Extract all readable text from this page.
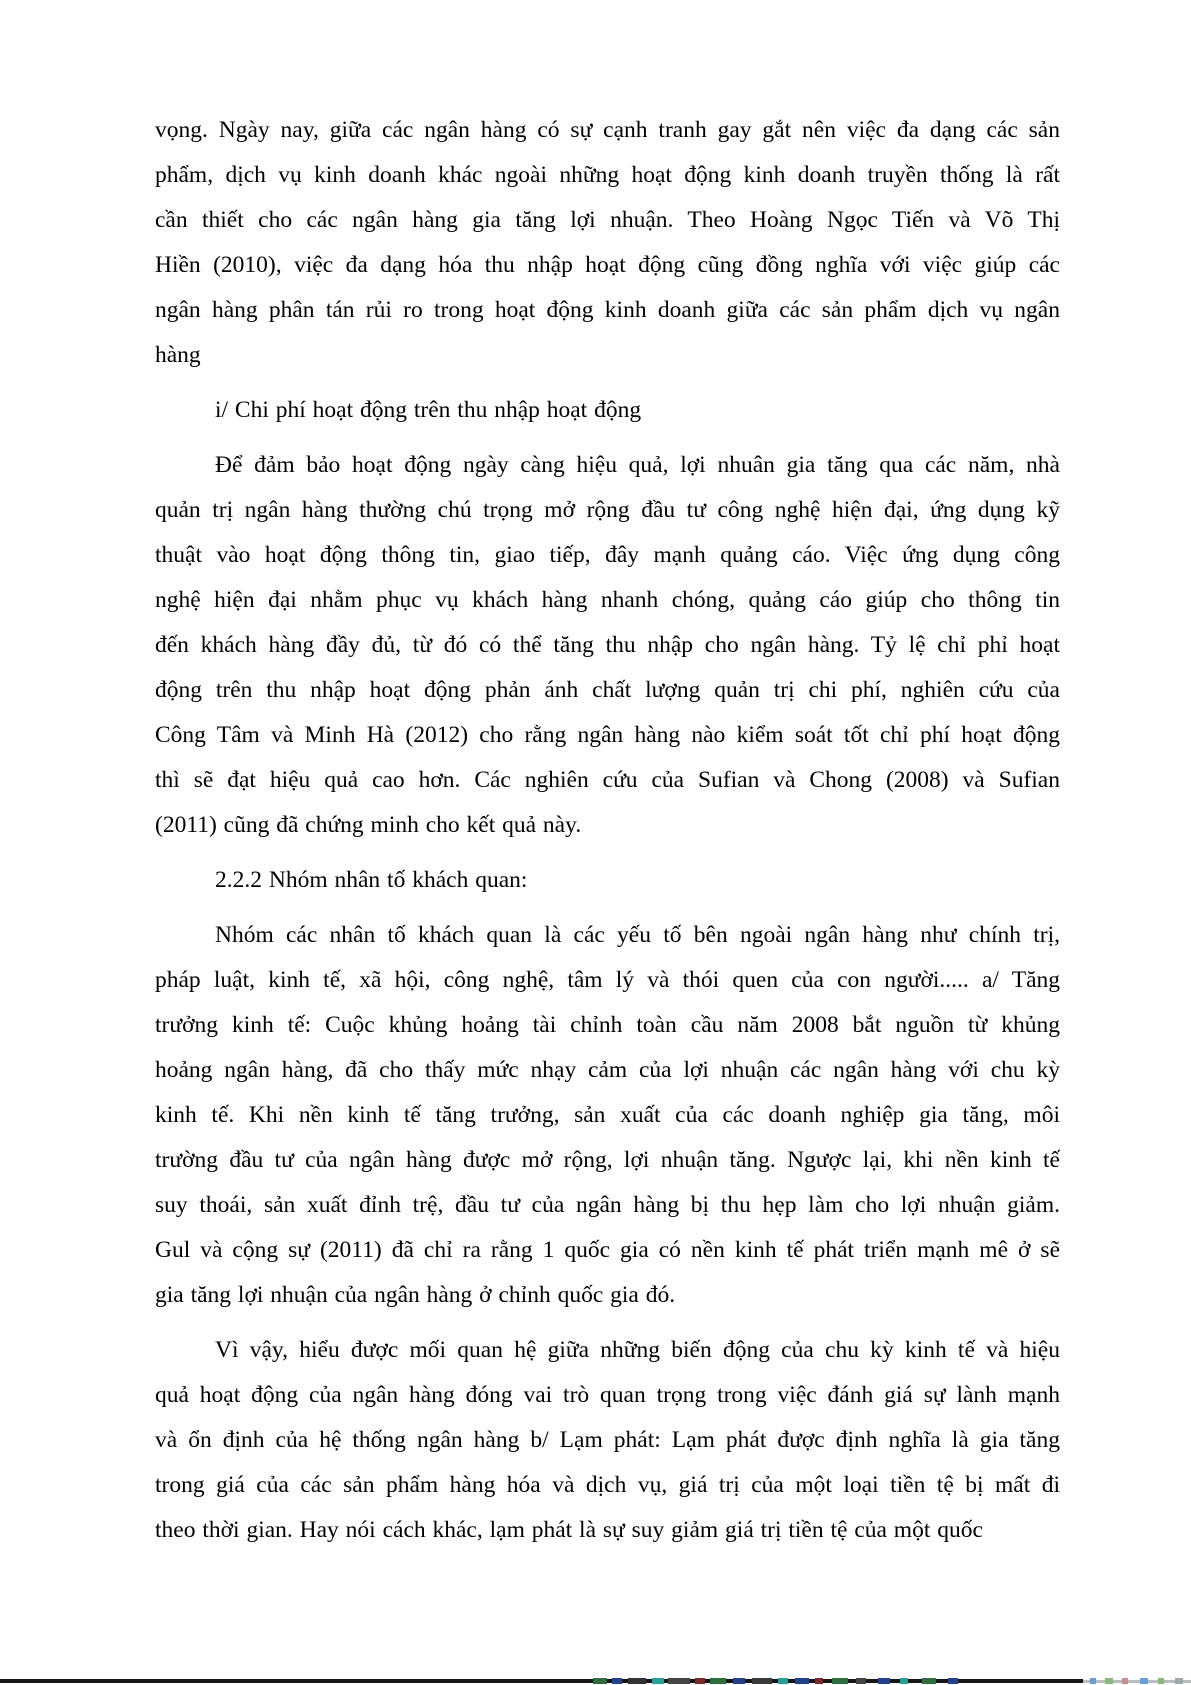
vọng. Ngày nay, giữa các ngân hàng có sự cạnh tranh gay gắt nên việc đa dạng các sản
phẩm, dịch vụ kinh doanh khác ngoài những hoạt động kinh doanh truyền thống là rất
cần thiết cho các ngân hàng gia tăng lợi nhuận. Theo Hoàng Ngọc Tiến và Võ Thị
Hiền (2010), việc đa dạng hóa thu nhập hoạt động cũng đồng nghĩa với việc giúp các
ngân hàng phân tán rủi ro trong hoạt động kinh doanh giữa các sản phẩm dịch vụ ngân
hàng
i/ Chi phí hoạt động trên thu nhập hoạt động
Để đảm bảo hoạt động ngày càng hiệu quả, lợi nhuân gia tăng qua các năm, nhà
quản trị ngân hàng thường chú trọng mở rộng đầu tư công nghệ hiện đại, ứng dụng kỹ
thuật vào hoạt động thông tin, giao tiếp, đây mạnh quảng cáo. Việc ứng dụng công
nghệ hiện đại nhằm phục vụ khách hàng nhanh chóng, quảng cáo giúp cho thông tin
đến khách hàng đầy đủ, từ đó có thể tăng thu nhập cho ngân hàng. Tỷ lệ chỉ phỉ hoạt
động trên thu nhập hoạt động phản ánh chất lượng quản trị chi phí, nghiên cứu của
Công Tâm và Minh Hà (2012) cho rằng ngân hàng nào kiểm soát tốt chỉ phí hoạt động
thì sẽ đạt hiệu quả cao hơn. Các nghiên cứu của Sufian và Chong (2008) và Sufian
(2011) cũng đã chứng minh cho kết quả này.
2.2.2 Nhóm nhân tố khách quan:
Nhóm các nhân tố khách quan là các yếu tố bên ngoài ngân hàng như chính trị,
pháp luật, kinh tế, xã hội, công nghệ, tâm lý và thói quen của con người..... a/ Tăng
trưởng kinh tế: Cuộc khủng hoảng tài chỉnh toàn cầu năm 2008 bắt nguồn từ khủng
hoảng ngân hàng, đã cho thấy mức nhạy cảm của lợi nhuận các ngân hàng với chu kỳ
kinh tế. Khi nền kinh tế tăng trưởng, sản xuất của các doanh nghiệp gia tăng, môi
trường đầu tư của ngân hàng được mở rộng, lợi nhuận tăng. Ngược lại, khi nền kinh tế
suy thoái, sản xuất đỉnh trệ, đầu tư của ngân hàng bị thu hẹp làm cho lợi nhuận giảm.
Gul và cộng sự (2011) đã chỉ ra rằng 1 quốc gia có nền kinh tế phát triển mạnh mê ở sẽ
gia tăng lợi nhuận của ngân hàng ở chỉnh quốc gia đó.
Vì vậy, hiểu được mối quan hệ giữa những biến động của chu kỳ kinh tế và hiệu
quả hoạt động của ngân hàng đóng vai trò quan trọng trong việc đánh giá sự lành mạnh
và ổn định của hệ thống ngân hàng b/ Lạm phát: Lạm phát được định nghĩa là gia tăng
trong giá của các sản phẩm hàng hóa và dịch vụ, giá trị của một loại tiền tệ bị mất đi
theo thời gian. Hay nói cách khác, lạm phát là sự suy giảm giá trị tiền tệ của một quốc
